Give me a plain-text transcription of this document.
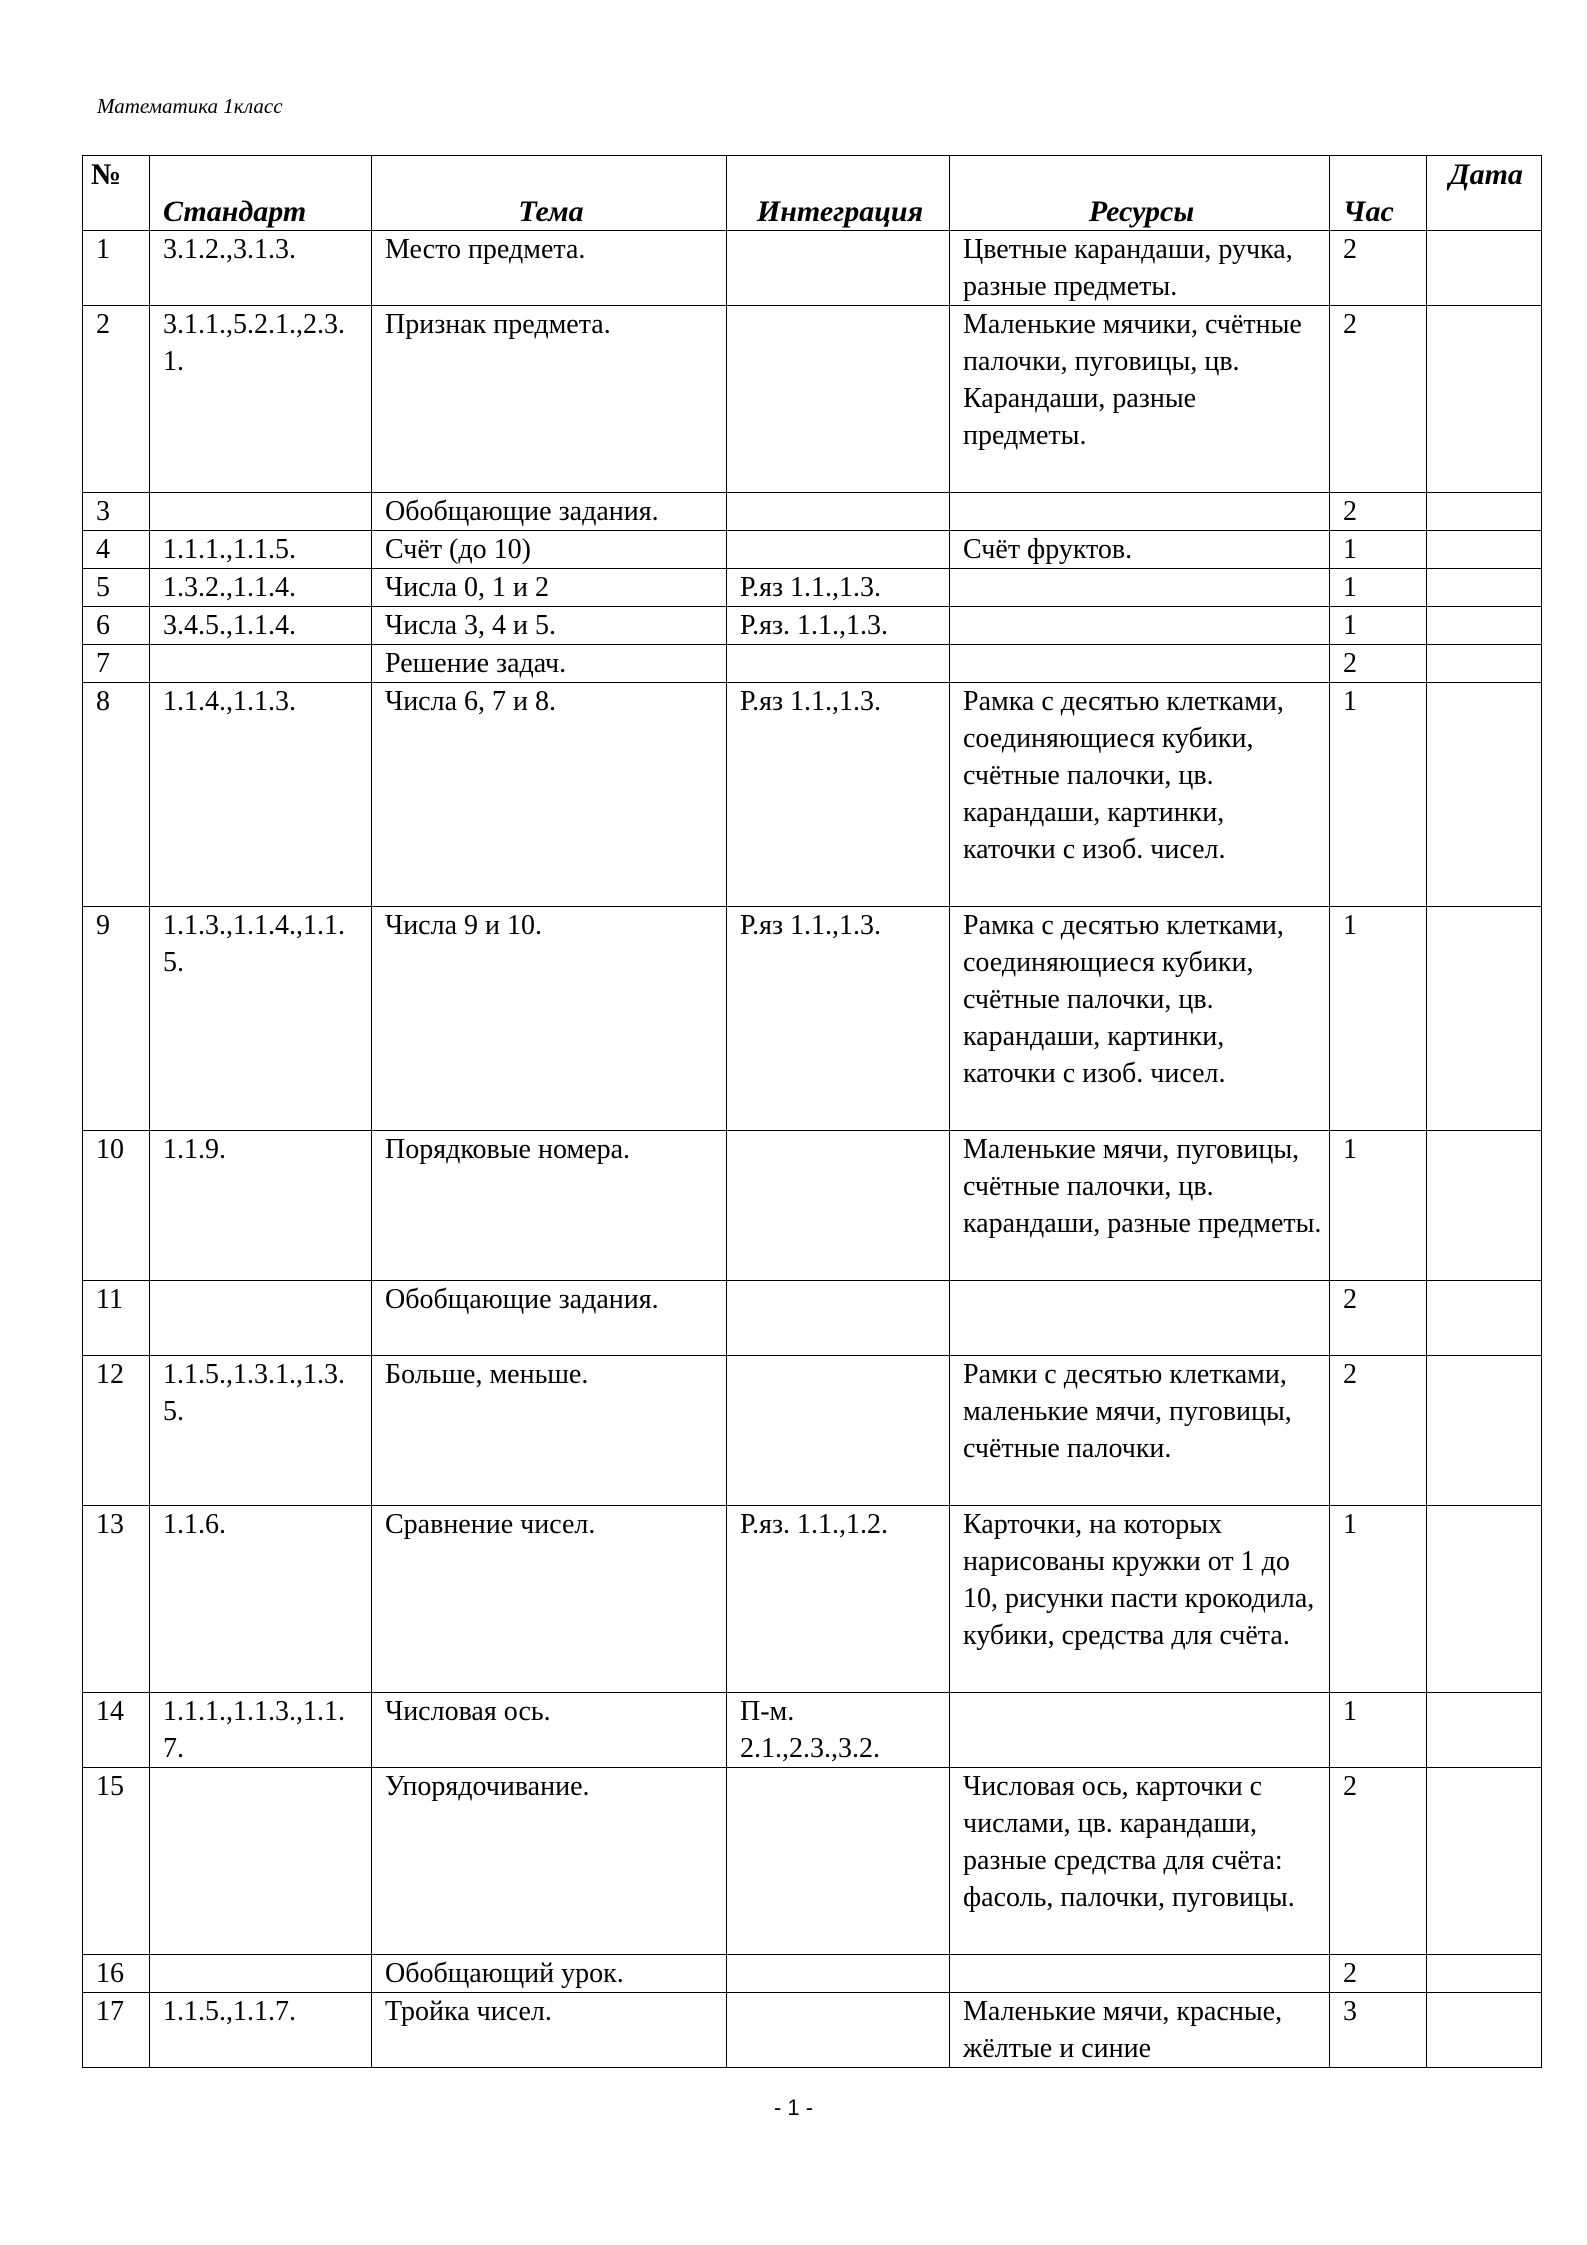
Математика 1класс
№	Стандарт	Тема	Интеграция	Ресурсы	Час	Дата
1	3.1.2.,3.1.3.	Место предмета.		Цветные карандаши, ручка, разные предметы.	2	
2	3.1.1.,5.2.1.,2.3.1.	Признак предмета.		Маленькие мячики, счётные палочки, пуговицы, цв. Карандаши, разные предметы.	2	
3		Обобщающие задания.			2	
4	1.1.1.,1.1.5.	Счёт (до 10)		Счёт фруктов.	1	
5	1.3.2.,1.1.4.	Числа 0, 1 и 2	Р.яз 1.1.,1.3.		1	
6	3.4.5.,1.1.4.	Числа 3, 4 и 5.	Р.яз. 1.1.,1.3.		1	
7		Решение задач.			2	
8	1.1.4.,1.1.3.	Числа 6, 7 и 8.	Р.яз 1.1.,1.3.	Рамка с десятью клетками, соединяющиеся кубики, счётные палочки, цв. карандаши, картинки, каточки с изоб. чисел.	1	
9	1.1.3.,1.1.4.,1.1.5.	Числа 9 и 10.	Р.яз 1.1.,1.3.	Рамка с десятью клетками, соединяющиеся кубики, счётные палочки, цв. карандаши, картинки, каточки с изоб. чисел.	1	
10	1.1.9.	Порядковые номера.		Маленькие мячи, пуговицы, счётные палочки, цв. карандаши, разные предметы.	1	
11		Обобщающие задания.			2	
12	1.1.5.,1.3.1.,1.3.5.	Больше, меньше.		Рамки с десятью клетками, маленькие мячи, пуговицы, счётные палочки.	2	
13	1.1.6.	Сравнение чисел.	Р.яз. 1.1.,1.2.	Карточки, на которых нарисованы кружки от 1 до 10, рисунки пасти крокодила, кубики, средства для счёта.	1	
14	1.1.1.,1.1.3.,1.1.7.	Числовая ось.	П-м. 2.1.,2.3.,3.2.		1	
15		Упорядочивание.		Числовая ось, карточки с числами, цв. карандаши, разные средства для счёта: фасоль, палочки, пуговицы.	2	
16		Обобщающий урок.			2	
17	1.1.5.,1.1.7.	Тройка чисел.		Маленькие мячи, красные, жёлтые и синие	3	
- 1 -
